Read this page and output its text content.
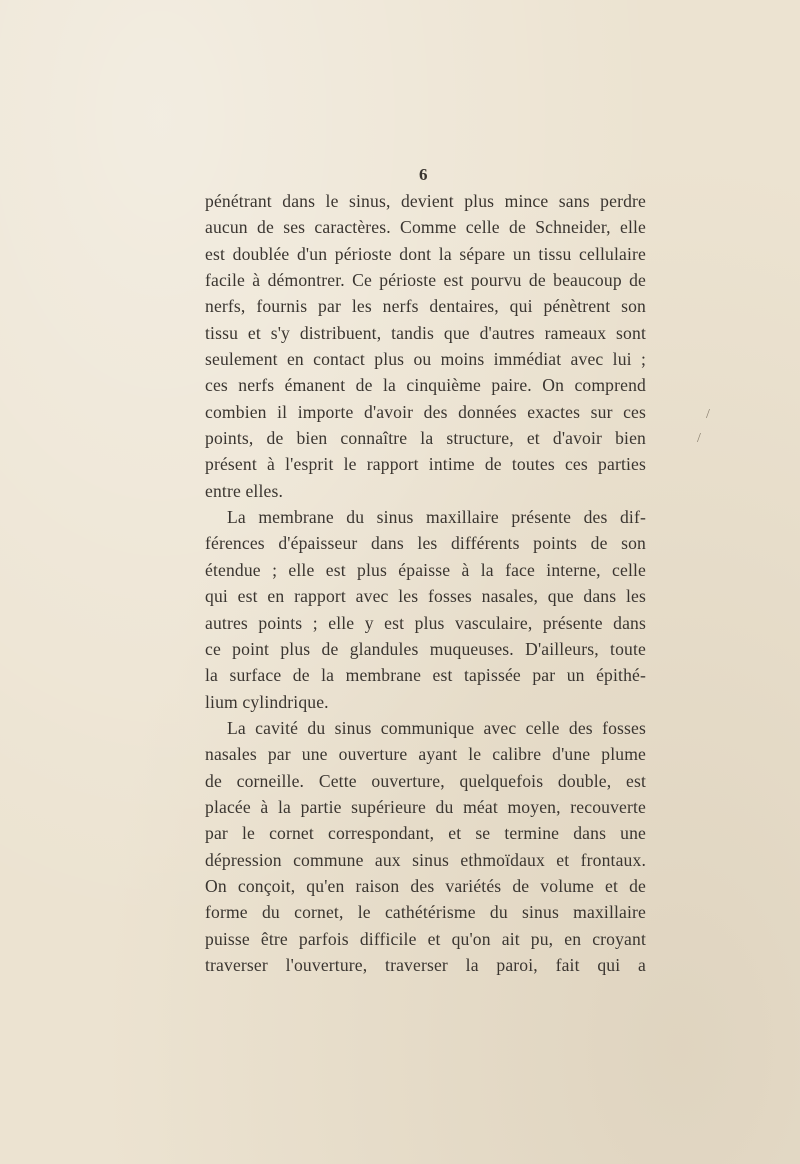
6
pénétrant dans le sinus, devient plus mince sans perdre
aucun de ses caractères. Comme celle de Schneider, elle
est doublée d'un périoste dont la sépare un tissu cellulaire
facile à démontrer. Ce périoste est pourvu de beaucoup de
nerfs, fournis par les nerfs dentaires, qui pénètrent son
tissu et s'y distribuent, tandis que d'autres rameaux sont
seulement en contact plus ou moins immédiat avec lui ;
ces nerfs émanent de la cinquième paire. On comprend
combien il importe d'avoir des données exactes sur ces
points, de bien connaître la structure, et d'avoir bien
présent à l'esprit le rapport intime de toutes ces parties
entre elles.
La membrane du sinus maxillaire présente des dif-
férences d'épaisseur dans les différents points de son
étendue ; elle est plus épaisse à la face interne, celle
qui est en rapport avec les fosses nasales, que dans les
autres points ; elle y est plus vasculaire, présente dans
ce point plus de glandules muqueuses. D'ailleurs, toute
la surface de la membrane est tapissée par un épithé-
lium cylindrique.
La cavité du sinus communique avec celle des fosses
nasales par une ouverture ayant le calibre d'une plume
de corneille. Cette ouverture, quelquefois double, est
placée à la partie supérieure du méat moyen, recouverte
par le cornet correspondant, et se termine dans une
dépression commune aux sinus ethmoïdaux et frontaux.
On conçoit, qu'en raison des variétés de volume et de
forme du cornet, le cathétérisme du sinus maxillaire
puisse être parfois difficile et qu'on ait pu, en croyant
traverser l'ouverture, traverser la paroi, fait qui a
/
/
